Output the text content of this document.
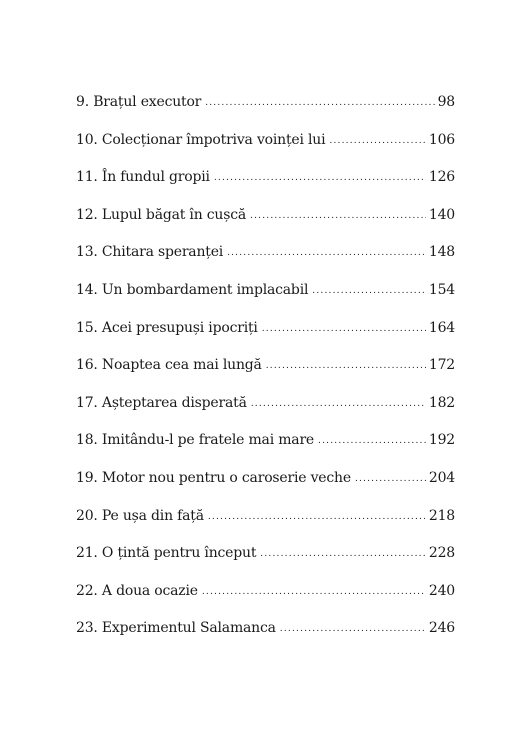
9. Brațul executor .....	98
10. Colecționar împotriva voinței lui .....	106
11. În fundul gropii .....	126
12. Lupul băgat în cușcă .....	140
13. Chitara speranței .....	148
14. Un bombardament implacabil .....	154
15. Acei presupuși ipocriți .....	164
16. Noaptea cea mai lungă .....	172
17. Așteptarea disperată .....	182
18. Imitându-l pe fratele mai mare .....	192
19. Motor nou pentru o caroserie veche .....	204
20. Pe ușa din față .....	218
21. O țintă pentru început .....	228
22. A doua ocazie .....	240
23. Experimentul Salamanca .....	246
